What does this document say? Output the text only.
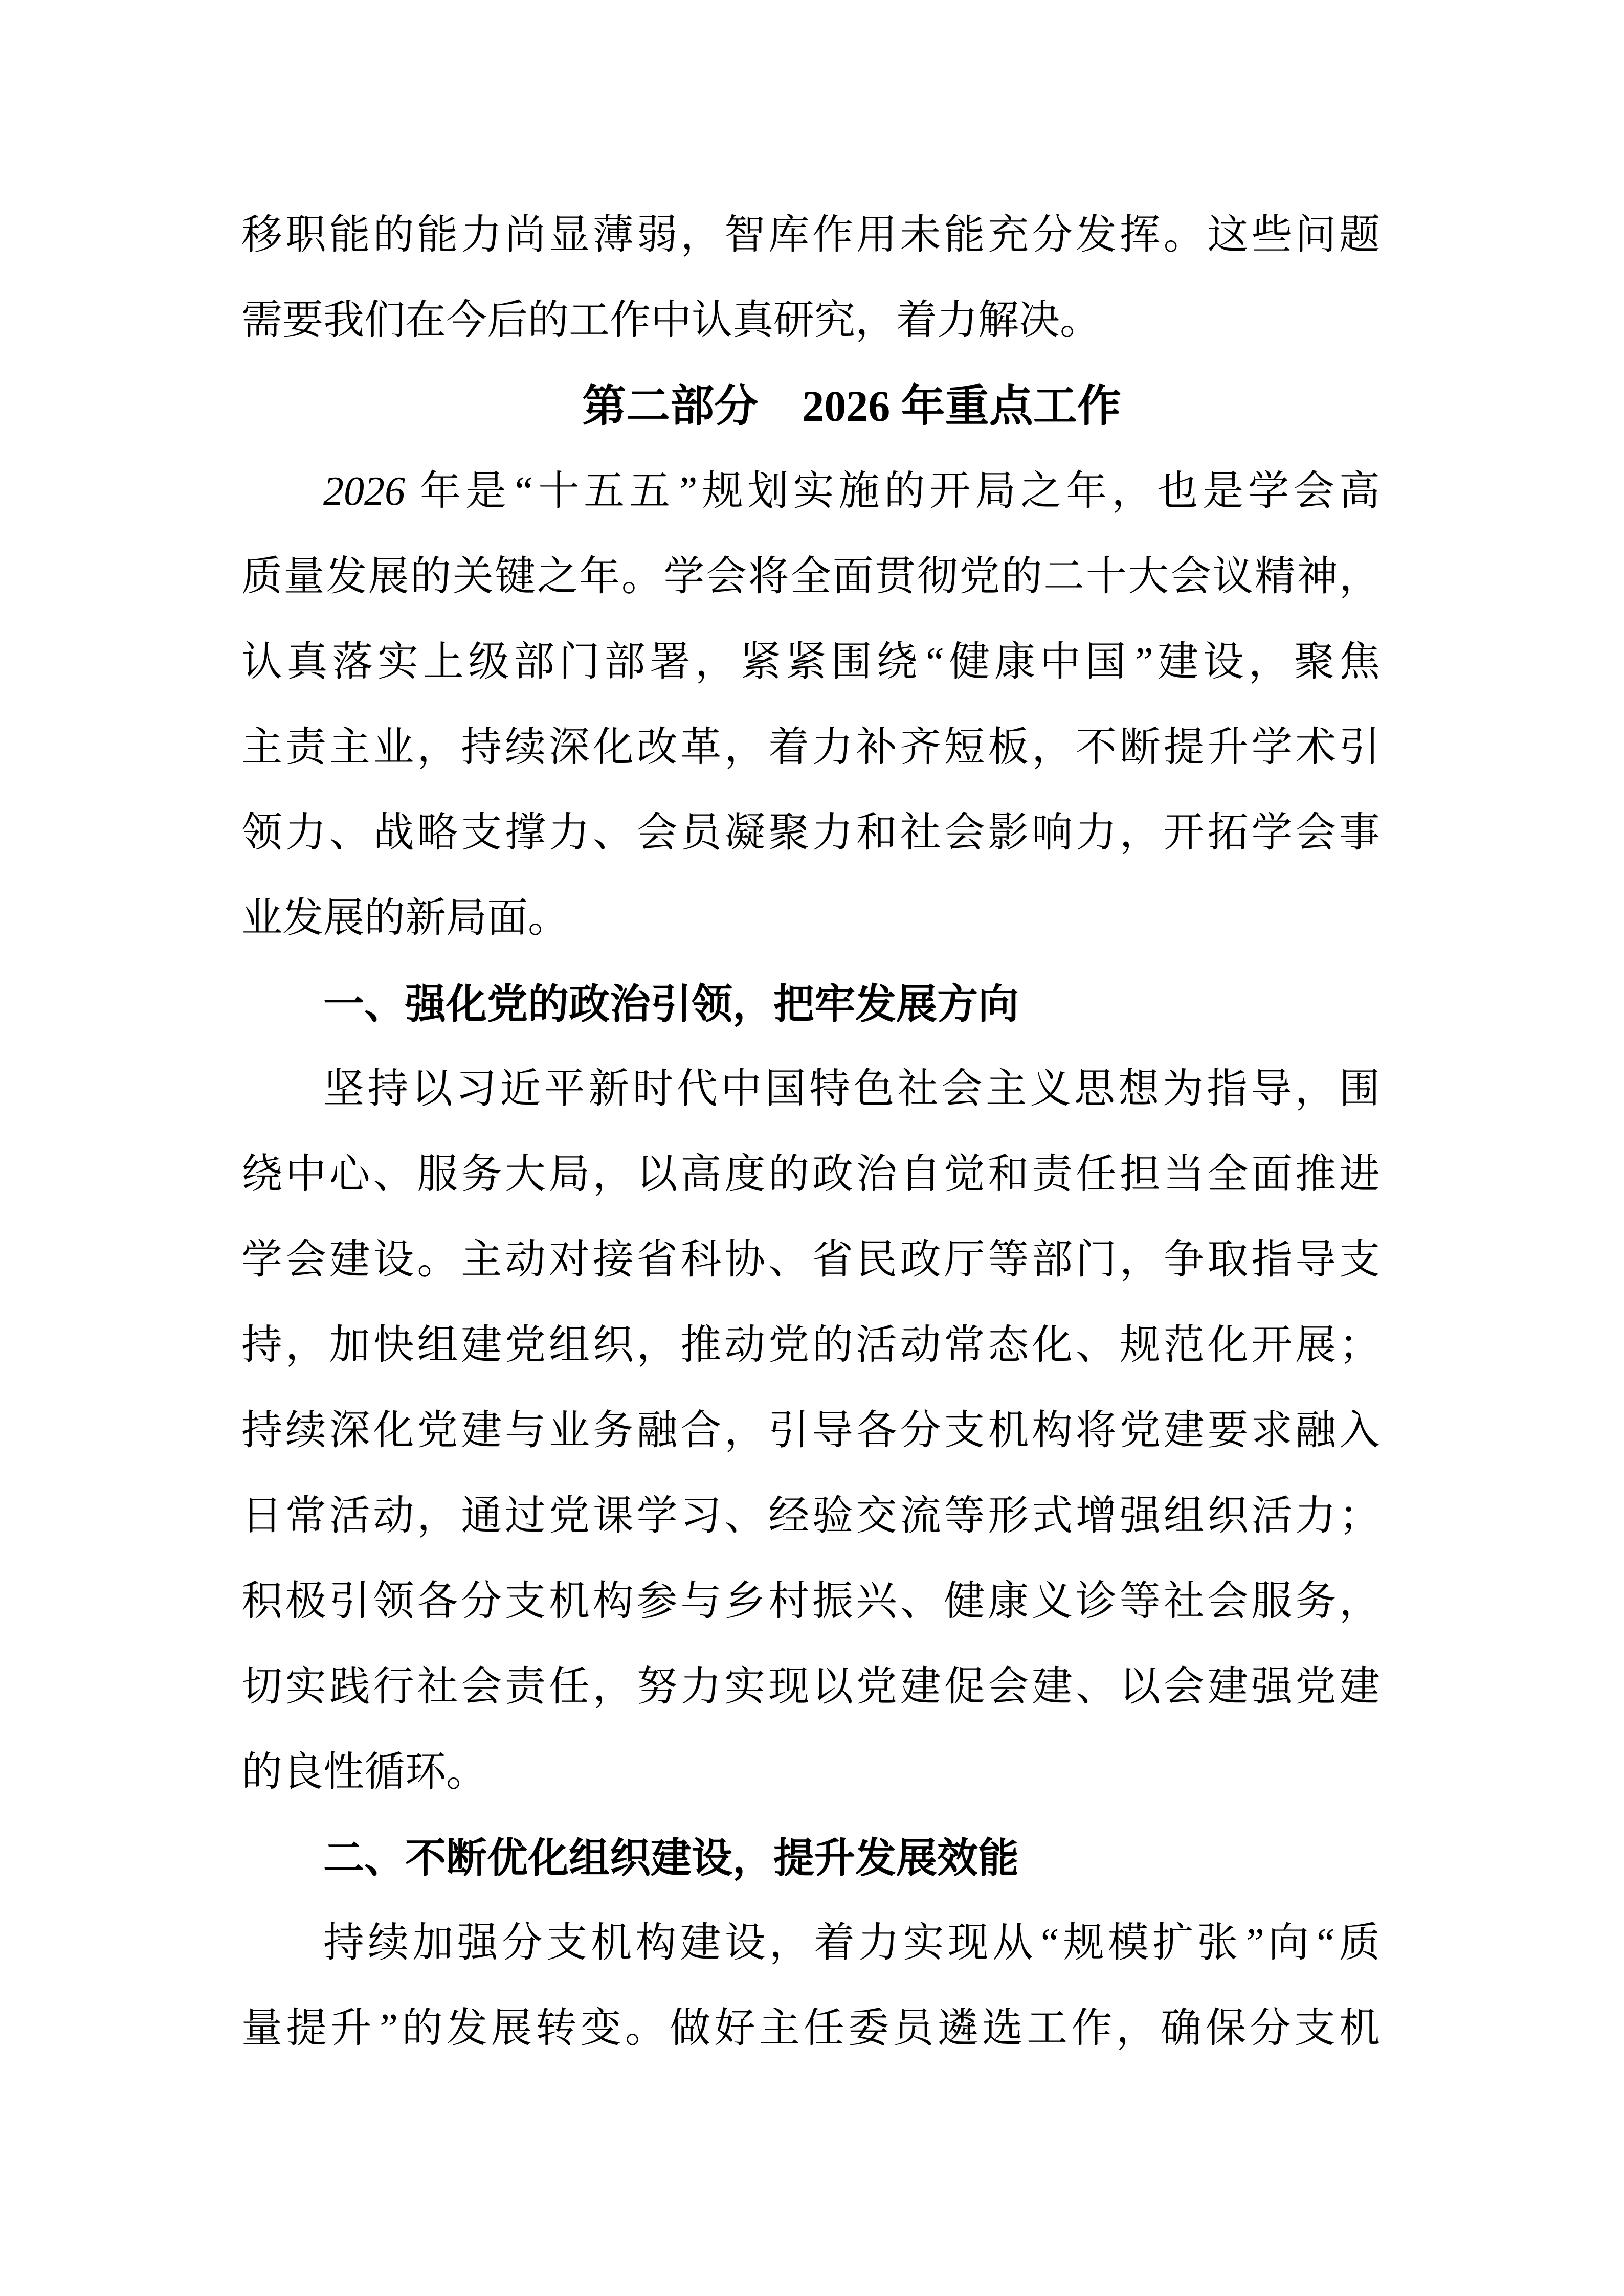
移职能的能力尚显薄弱，智库作用未能充分发挥。这些问题
需要我们在今后的工作中认真研究，着力解决。
第二部分　2026 年重点工作
2026 年是“十五五”规划实施的开局之年，也是学会高
质量发展的关键之年。学会将全面贯彻党的二十大会议精神，
认真落实上级部门部署，紧紧围绕“健康中国”建设，聚焦
主责主业，持续深化改革，着力补齐短板，不断提升学术引
领力、战略支撑力、会员凝聚力和社会影响力，开拓学会事
业发展的新局面。
一、强化党的政治引领，把牢发展方向
坚持以习近平新时代中国特色社会主义思想为指导，围
绕中心、服务大局，以高度的政治自觉和责任担当全面推进
学会建设。主动对接省科协、省民政厅等部门，争取指导支
持，加快组建党组织，推动党的活动常态化、规范化开展；
持续深化党建与业务融合，引导各分支机构将党建要求融入
日常活动，通过党课学习、经验交流等形式增强组织活力；
积极引领各分支机构参与乡村振兴、健康义诊等社会服务，
切实践行社会责任，努力实现以党建促会建、以会建强党建
的良性循环。
二、不断优化组织建设，提升发展效能
持续加强分支机构建设，着力实现从“规模扩张”向“质
量提升”的发展转变。做好主任委员遴选工作，确保分支机
